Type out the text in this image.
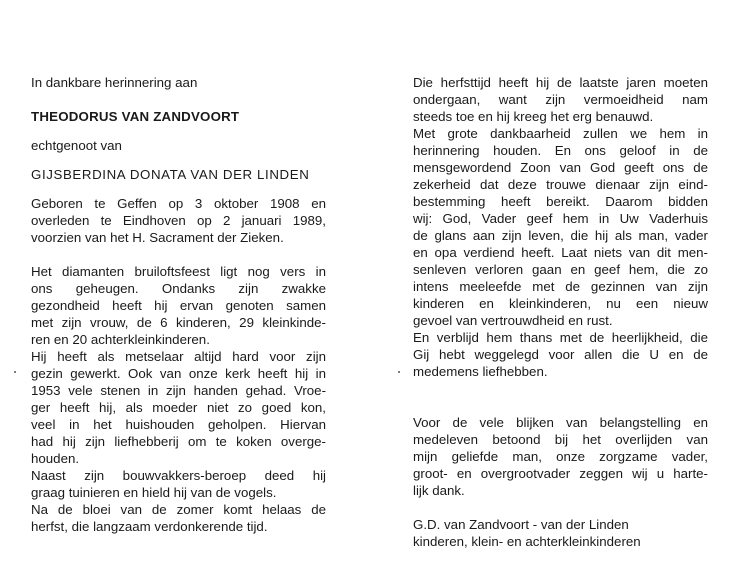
In dankbare herinnering aan
THEODORUS VAN ZANDVOORT
echtgenoot van
GIJSBERDINA DONATA VAN DER LINDEN
Geboren te Geffen op 3 oktober 1908 en
overleden te Eindhoven op 2 januari 1989,
voorzien van het H. Sacrament der Zieken.
Het diamanten bruiloftsfeest ligt nog vers in
ons geheugen. Ondanks zijn zwakke
gezondheid heeft hij ervan genoten samen
met zijn vrouw, de 6 kinderen, 29 kleinkinde-
ren en 20 achterkleinkinderen.
Hij heeft als metselaar altijd hard voor zijn
gezin gewerkt. Ook van onze kerk heeft hij in
1953 vele stenen in zijn handen gehad. Vroe-
ger heeft hij, als moeder niet zo goed kon,
veel in het huishouden geholpen. Hiervan
had hij zijn liefhebberij om te koken overge-
houden.
Naast zijn bouwvakkers-beroep deed hij
graag tuinieren en hield hij van de vogels.
Na de bloei van de zomer komt helaas de
herfst, die langzaam verdonkerende tijd.
Die herfsttijd heeft hij de laatste jaren moeten
ondergaan, want zijn vermoeidheid nam
steeds toe en hij kreeg het erg benauwd.
Met grote dankbaarheid zullen we hem in
herinnering houden. En ons geloof in de
mensgewordend Zoon van God geeft ons de
zekerheid dat deze trouwe dienaar zijn eind-
bestemming heeft bereikt. Daarom bidden
wij: God, Vader geef hem in Uw Vaderhuis
de glans aan zijn leven, die hij als man, vader
en opa verdiend heeft. Laat niets van dit men-
senleven verloren gaan en geef hem, die zo
intens meeleefde met de gezinnen van zijn
kinderen en kleinkinderen, nu een nieuw
gevoel van vertrouwdheid en rust.
En verblijd hem thans met de heerlijkheid, die
Gij hebt weggelegd voor allen die U en de
medemens liefhebben.
Voor de vele blijken van belangstelling en
medeleven betoond bij het overlijden van
mijn geliefde man, onze zorgzame vader,
groot- en overgrootvader zeggen wij u harte-
lijk dank.
G.D. van Zandvoort - van der Linden
kinderen, klein- en achterkleinkinderen
